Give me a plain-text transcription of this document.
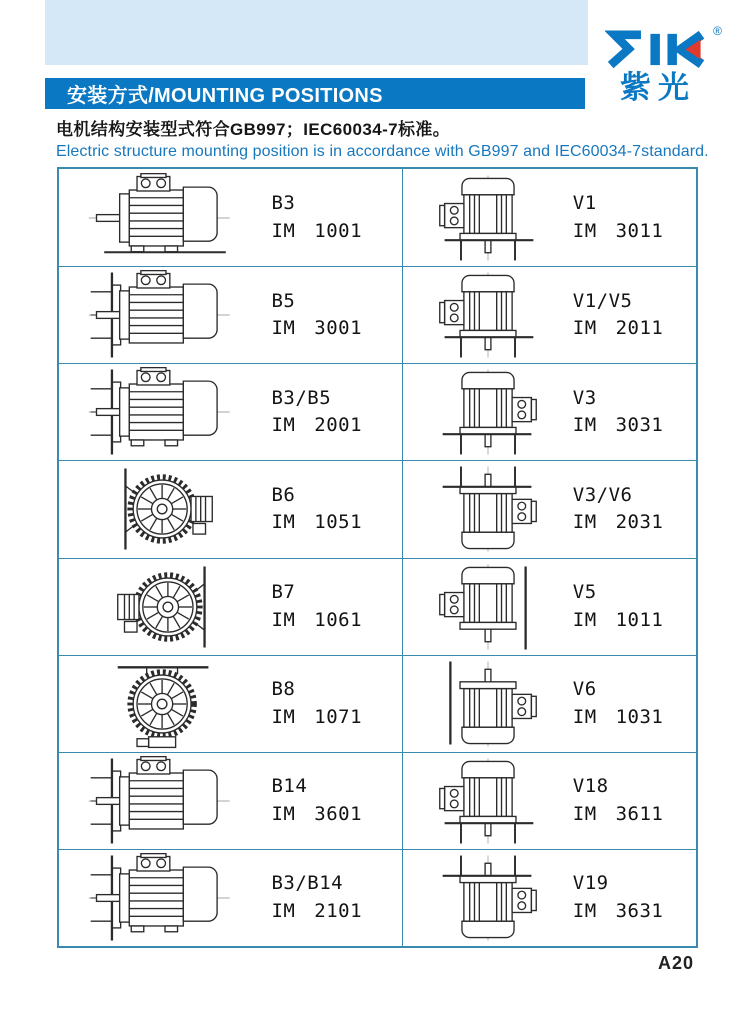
安装方式/MOUNTING POSITIONS
®
紫光
电机结构安装型式符合GB997；IEC60034-7标准。
Electric structure mounting position is in accordance with GB997 and IEC60034-7standard.
B3
IM 1001
V1
IM 3011
B5
IM 3001
V1/V5
IM 2011
B3/B5
IM 2001
V3
IM 3031
B6
IM 1051
V3/V6
IM 2031
B7
IM 1061
V5
IM 1011
B8
IM 1071
V6
IM 1031
B14
IM 3601
V18
IM 3611
B3/B14
IM 2101
V19
IM 3631
A20
